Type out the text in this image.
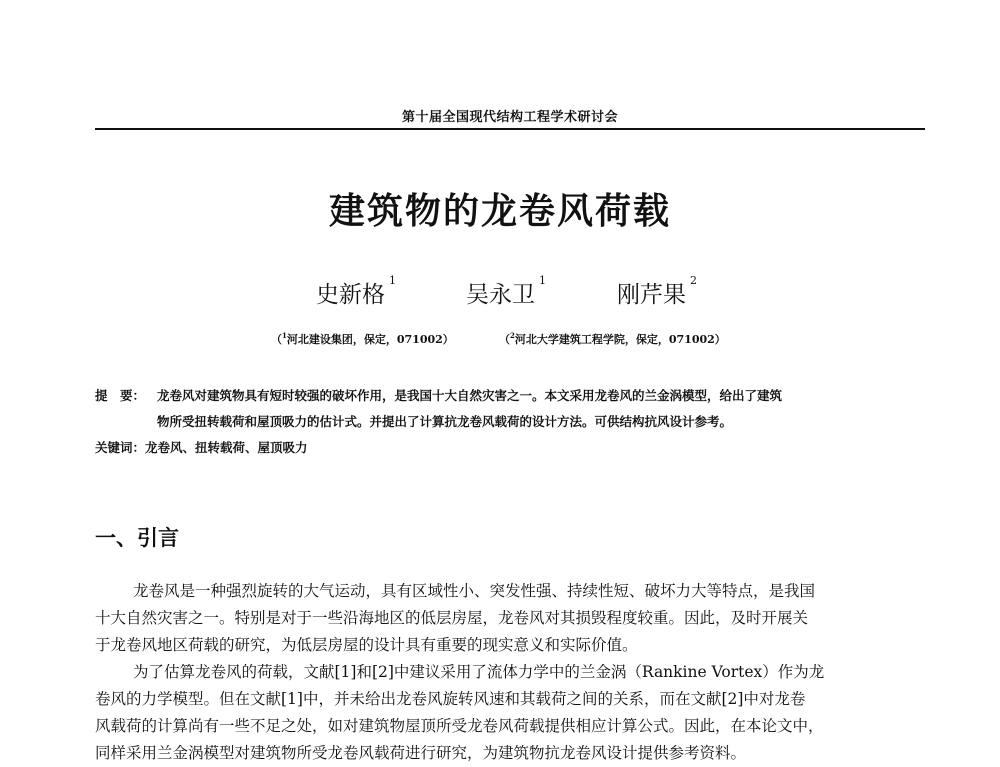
第十届全国现代结构工程学术研讨会
建筑物的龙卷风荷载
史新格$^1$
吴永卫$^1$
刚芹果$^2$
（$^1$河北建设集团，保定，071002）	（$^2$河北大学建筑工程学院，保定，071002）
提　要： 龙卷风对建筑物具有短时较强的破坏作用，是我国十大自然灾害之一。本文采用龙卷风的兰金涡模型，给出了建筑
物所受扭转载荷和屋顶吸力的估计式。并提出了计算抗龙卷风载荷的设计方法。可供结构抗风设计参考。
关键词：龙卷风、扭转载荷、屋顶吸力
一、引言
龙卷风是一种强烈旋转的大气运动，具有区域性小、突发性强、持续性短、破坏力大等特点，是我国
十大自然灾害之一。特别是对于一些沿海地区的低层房屋，龙卷风对其损毁程度较重。因此，及时开展关
于龙卷风地区荷载的研究，为低层房屋的设计具有重要的现实意义和实际价值。
为了估算龙卷风的荷载，文献[1]和[2]中建议采用了流体力学中的兰金涡（Rankine Vortex）作为龙
卷风的力学模型。但在文献[1]中，并未给出龙卷风旋转风速和其载荷之间的关系，而在文献[2]中对龙卷
风载荷的计算尚有一些不足之处，如对建筑物屋顶所受龙卷风荷载提供相应计算公式。因此，在本论文中，
同样采用兰金涡模型对建筑物所受龙卷风载荷进行研究，为建筑物抗龙卷风设计提供参考资料。
